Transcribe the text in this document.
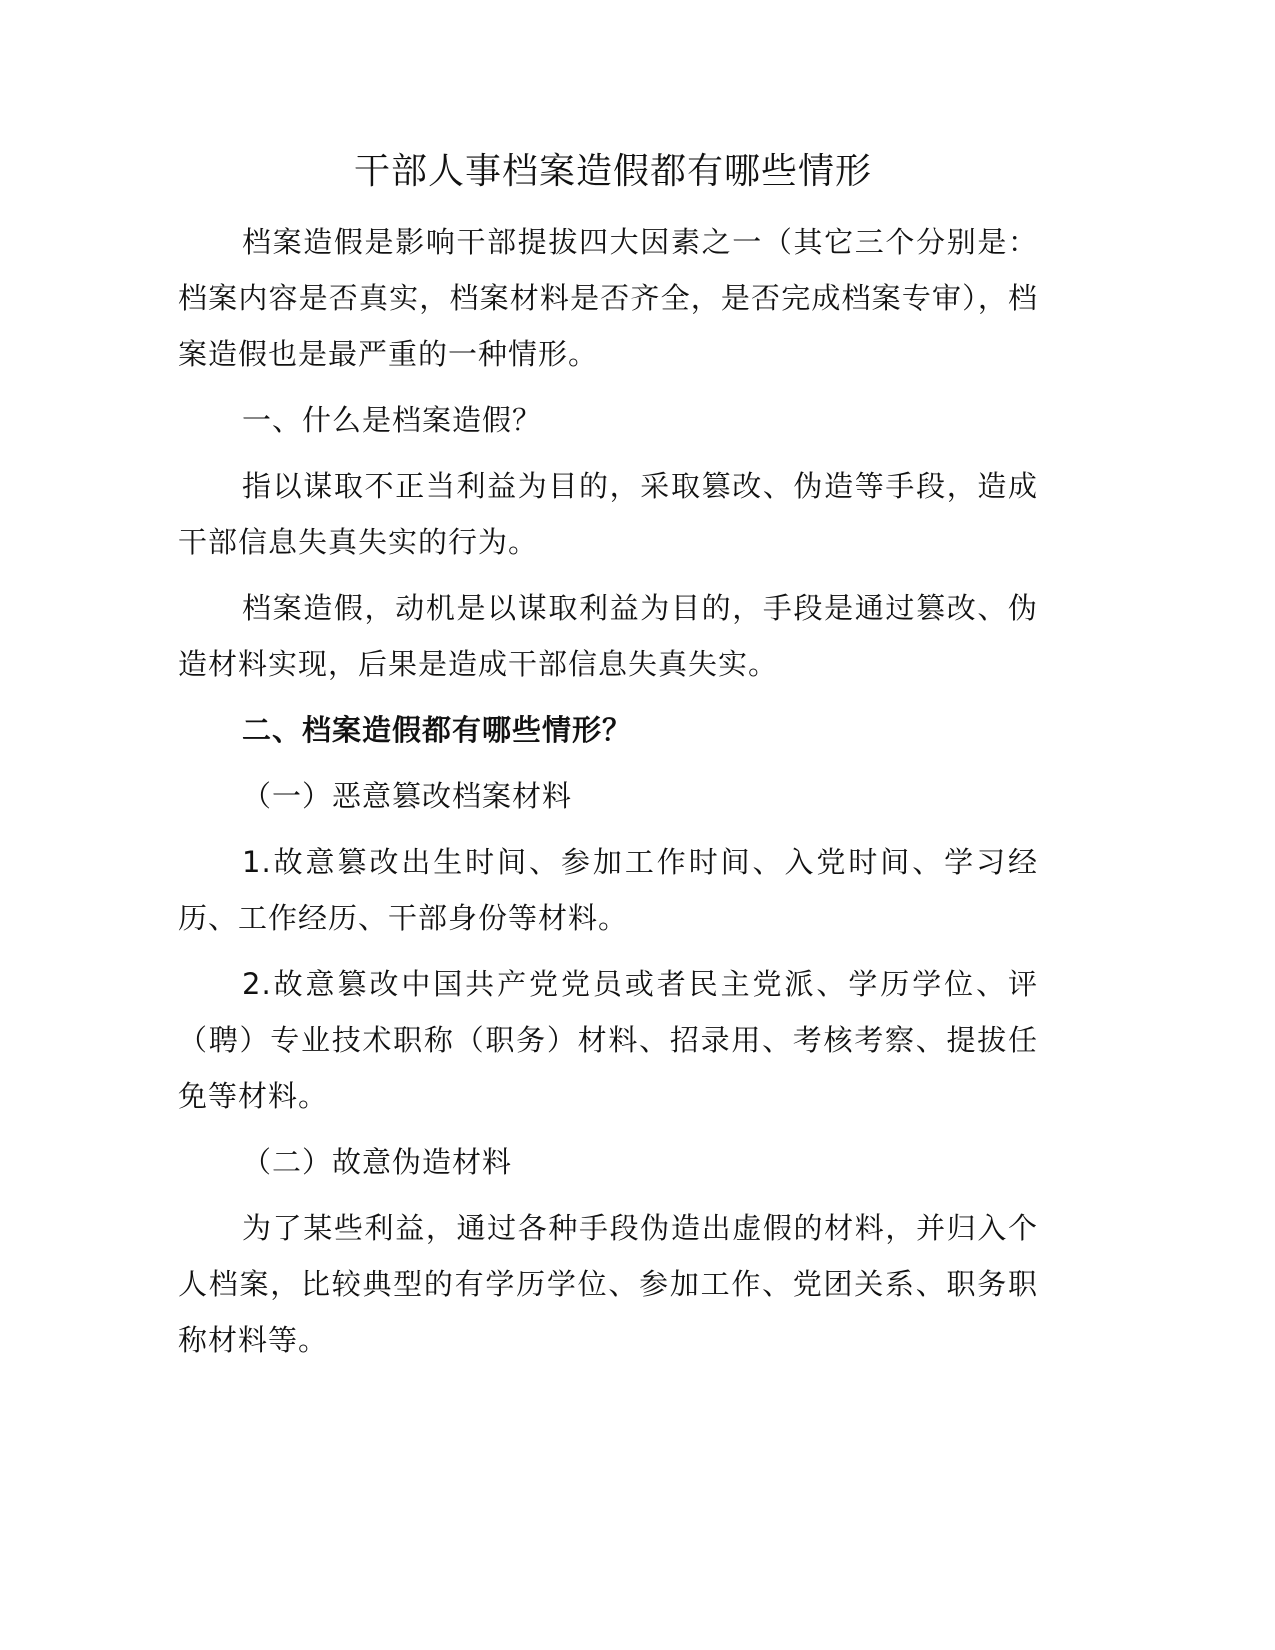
干部人事档案造假都有哪些情形

档案造假是影响干部提拔四大因素之一（其它三个分别是：档案内容是否真实，档案材料是否齐全，是否完成档案专审），档案造假也是最严重的一种情形。

一、什么是档案造假？

指以谋取不正当利益为目的，采取篡改、伪造等手段，造成干部信息失真失实的行为。

档案造假，动机是以谋取利益为目的，手段是通过篡改、伪造材料实现，后果是造成干部信息失真失实。

二、档案造假都有哪些情形？

（一）恶意篡改档案材料

1.故意篡改出生时间、参加工作时间、入党时间、学习经历、工作经历、干部身份等材料。

2.故意篡改中国共产党党员或者民主党派、学历学位、评（聘）专业技术职称（职务）材料、招录用、考核考察、提拔任免等材料。

（二）故意伪造材料

为了某些利益，通过各种手段伪造出虚假的材料，并归入个人档案，比较典型的有学历学位、参加工作、党团关系、职务职称材料等。
